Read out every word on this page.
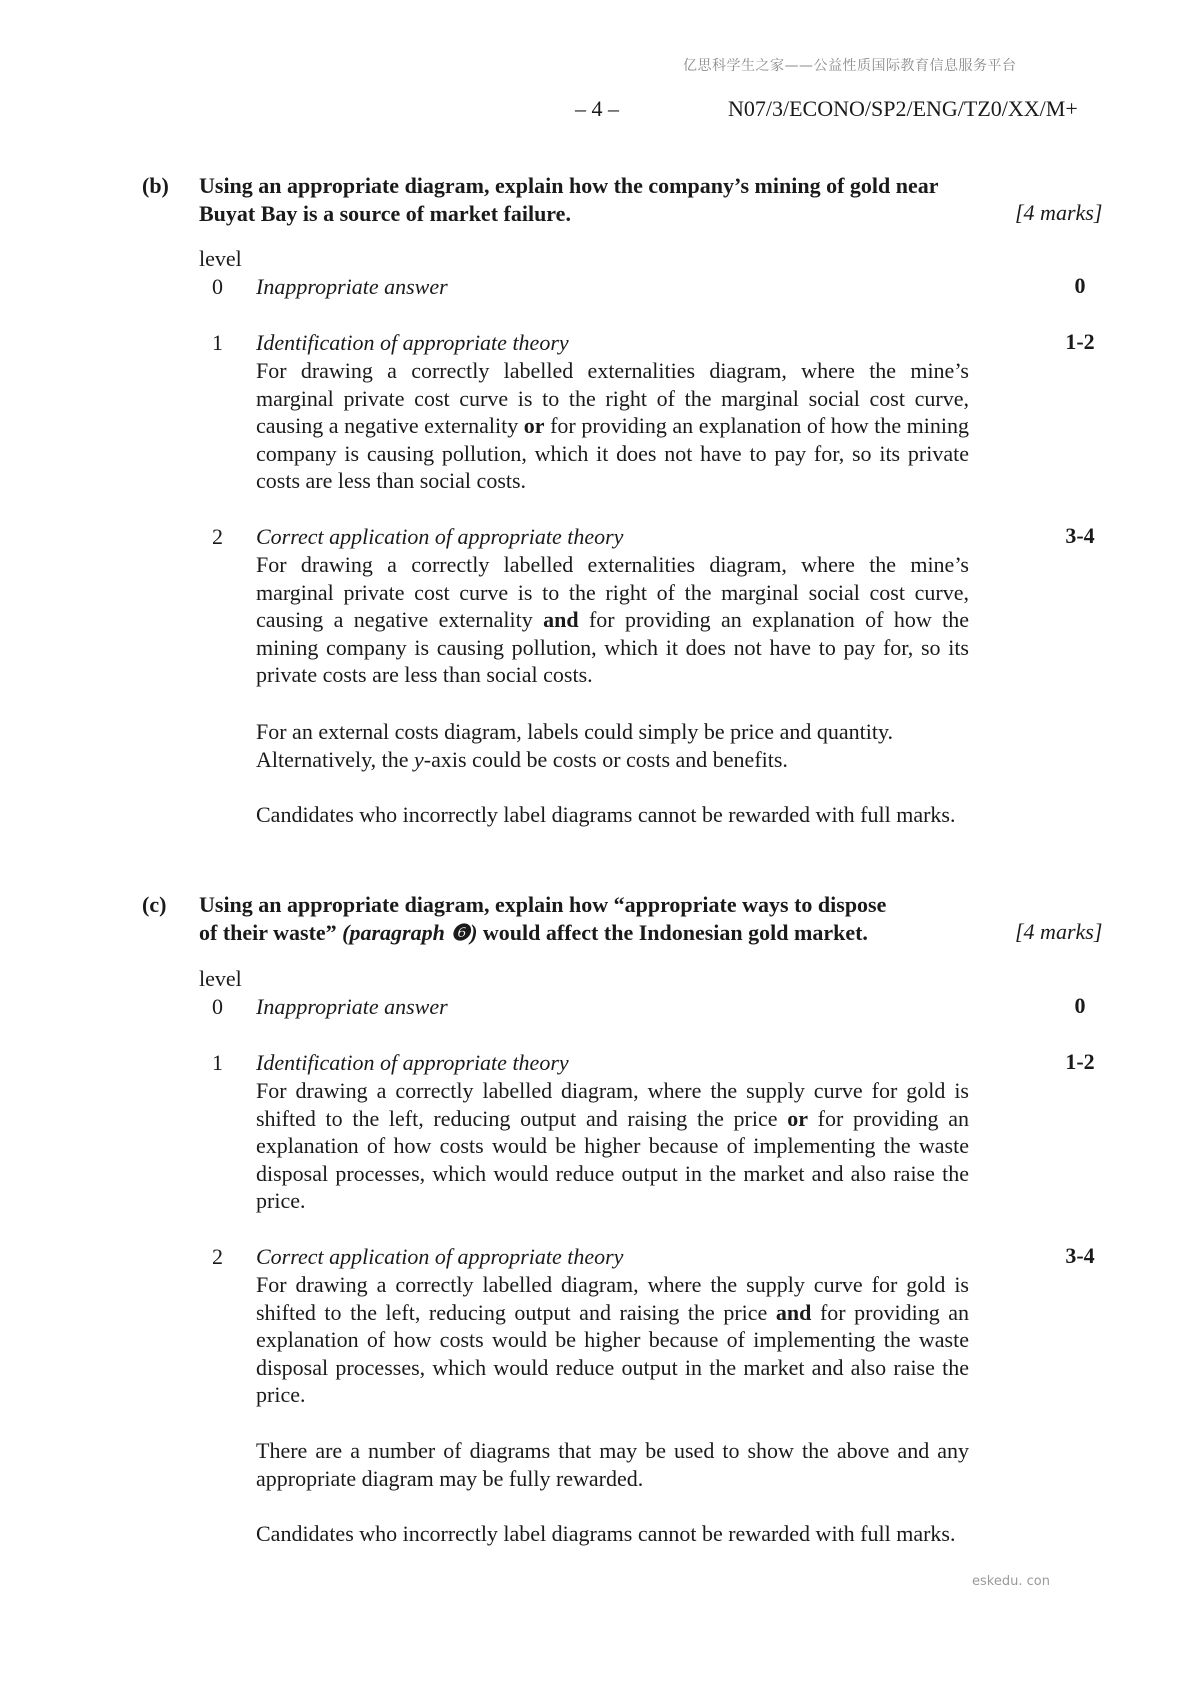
亿思科学生之家——公益性质国际教育信息服务平台
– 4 –	N07/3/ECONO/SP2/ENG/TZ0/XX/M+
(b) Using an appropriate diagram, explain how the company’s mining of gold near Buyat Bay is a source of market failure.	[4 marks]
level
0 Inappropriate answer	0
1 Identification of appropriate theory	1-2
For drawing a correctly labelled externalities diagram, where the mine’s marginal private cost curve is to the right of the marginal social cost curve, causing a negative externality or for providing an explanation of how the mining company is causing pollution, which it does not have to pay for, so its private costs are less than social costs.
2 Correct application of appropriate theory	3-4
For drawing a correctly labelled externalities diagram, where the mine’s marginal private cost curve is to the right of the marginal social cost curve, causing a negative externality and for providing an explanation of how the mining company is causing pollution, which it does not have to pay for, so its private costs are less than social costs.
For an external costs diagram, labels could simply be price and quantity.
Alternatively, the y-axis could be costs or costs and benefits.
Candidates who incorrectly label diagrams cannot be rewarded with full marks.
(c) Using an appropriate diagram, explain how “appropriate ways to dispose
of their waste” (paragraph ❻) would affect the Indonesian gold market.	[4 marks]
level
0 Inappropriate answer	0
1 Identification of appropriate theory	1-2
For drawing a correctly labelled diagram, where the supply curve for gold is shifted to the left, reducing output and raising the price or for providing an explanation of how costs would be higher because of implementing the waste disposal processes, which would reduce output in the market and also raise the price.
2 Correct application of appropriate theory	3-4
For drawing a correctly labelled diagram, where the supply curve for gold is shifted to the left, reducing output and raising the price and for providing an explanation of how costs would be higher because of implementing the waste disposal processes, which would reduce output in the market and also raise the price.
There are a number of diagrams that may be used to show the above and any appropriate diagram may be fully rewarded.
Candidates who incorrectly label diagrams cannot be rewarded with full marks.
eskedu. con
